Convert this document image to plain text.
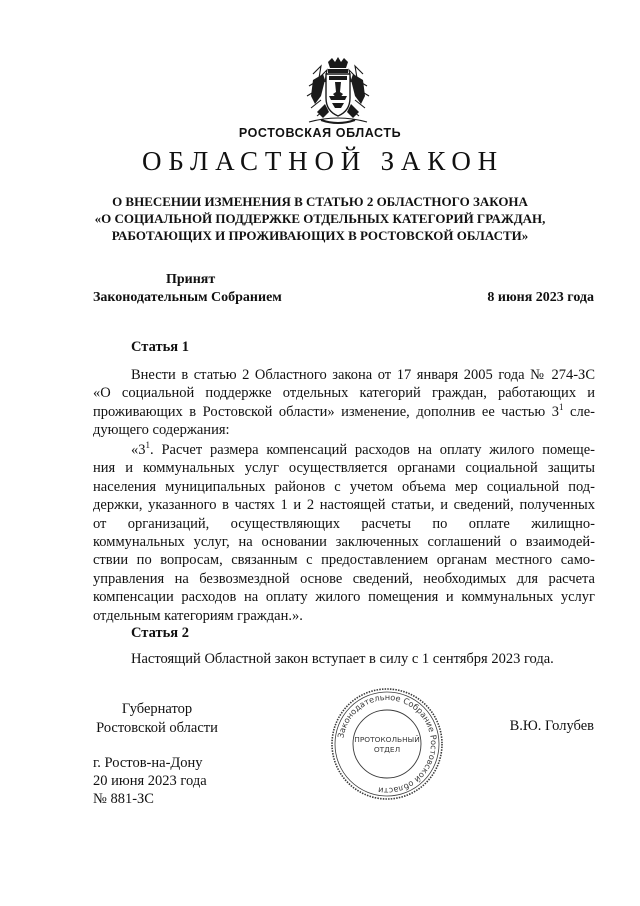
РОСТОВСКАЯ ОБЛАСТЬ
ОБЛАСТНОЙ ЗАКОН
О ВНЕСЕНИИ ИЗМЕНЕНИЯ В СТАТЬЮ 2 ОБЛАСТНОГО ЗАКОНА
«О СОЦИАЛЬНОЙ ПОДДЕРЖКЕ ОТДЕЛЬНЫХ КАТЕГОРИЙ ГРАЖДАН,
РАБОТАЮЩИХ И ПРОЖИВАЮЩИХ В РОСТОВСКОЙ ОБЛАСТИ»
Принят
Законодательным Собранием	8 июня 2023 года
Статья 1
Внести в статью 2 Областного закона от 17 января 2005 года № 274-ЗС
«О социальной поддержке отдельных категорий граждан, работающих и
проживающих в Ростовской области» изменение, дополнив ее частью $3^1$ сле-
дующего содержания:
«$3^1$. Расчет размера компенсаций расходов на оплату жилого помеще-
ния и коммунальных услуг осуществляется органами социальной защиты
населения муниципальных районов с учетом объема мер социальной под-
держки, указанного в частях 1 и 2 настоящей статьи, и сведений, полученных
от организаций, осуществляющих расчеты по оплате жилищно-
коммунальных услуг, на основании заключенных соглашений о взаимодей-
ствии по вопросам, связанным с предоставлением органам местного само-
управления на безвозмездной основе сведений, необходимых для расчета
компенсации расходов на оплату жилого помещения и коммунальных услуг
отдельным категориям граждан.».
Статья 2
Настоящий Областной закон вступает в силу с 1 сентября 2023 года.
Губернатор
Ростовской области	Законодательное Собрание Ростовской области
ПРОТОКОЛЬНЫЙ
ОТДЕЛ
В.Ю. Голубев
г. Ростов-на-Дону
20 июня 2023 года
№ 881-ЗС
